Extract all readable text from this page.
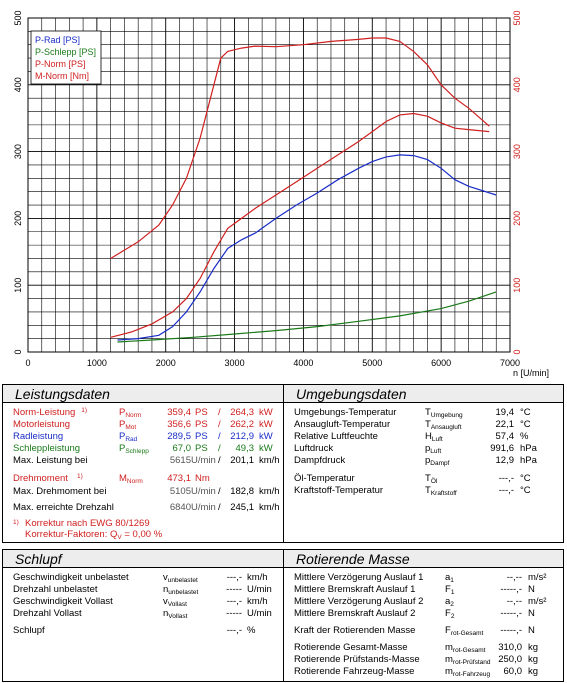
0	1000	2000	3000	4000	5000	6000	7000
n [U/min]
0
100
200
300
400
500
0
100
200
300
400
500
P-Rad [PS]
P-Schlepp [PS]
P-Norm [PS]
M-Norm [Nm]
Leistungsdaten
Norm-Leistung 1)	$P_{Norm}$	359,4 PS /	264,3 kW
Motorleistung	$P_{Mot}$	356,6 PS /	262,2 kW
Radleistung	$P_{Rad}$	289,5 PS /	212,9 kW
Schleppleistung	$P_{Schlepp}$	67,0 PS /	49,3 kW
Max. Leistung bei	5615 U/min /	201,1 km/h
Drehmoment 1)	$M_{Norm}$	473,1 Nm
Max. Drehmoment bei	5105 U/min /	182,8 km/h
Max. erreichte Drehzahl	6840 U/min /	245,1 km/h
1) Korrektur nach EWG 80/1269
Korrektur-Faktoren: $Q_V = 0,00$ %
Umgebungsdaten
Umgebungs-Temperatur	$T_{Umgebung}$	19,4 °C
Ansaugluft-Temperatur	$T_{Ansaugluft}$	22,1 °C
Relative Luftfeuchte	$H_{Luft}$	57,4 %
Luftdruck	$p_{Luft}$	991,6 hPa
Dampfdruck	$p_{Dampf}$	12,9 hPa
Öl-Temperatur	$T_{Öl}$	---,- °C
Kraftstoff-Temperatur	$T_{Kraftstoff}$	---,- °C
Schlupf
Geschwindigkeit unbelastet	$v_{unbelastet}$	---,- km/h
Drehzahl unbelastet	$n_{unbelastet}$	----- U/min
Geschwindigkeit Vollast	$v_{Vollast}$	---,- km/h
Drehzahl Vollast	$n_{Vollast}$	----- U/min
Schlupf	---,- %
Rotierende Masse
Mittlere Verzögerung Auslauf 1 $a_1$	--,-- m/s²
Mittlere Bremskraft Auslauf 1	$F_1$	-----,- N
Mittlere Verzögerung Auslauf 2 $a_2$	--,-- m/s²
Mittlere Bremskraft Auslauf 2	$F_2$	-----,- N
Kraft der Rotierenden Masse	$F_{rot-Gesamt}$	-----,- N
Rotierende Gesamt-Masse	$m_{rot-Gesamt}$	310,0 kg
Rotierende Prüfstands-Masse	$m_{rot-Prüfstand}$ 250,0 kg
Rotierende Fahrzeug-Masse	$m_{rot-Fahrzeug}$	60,0 kg
